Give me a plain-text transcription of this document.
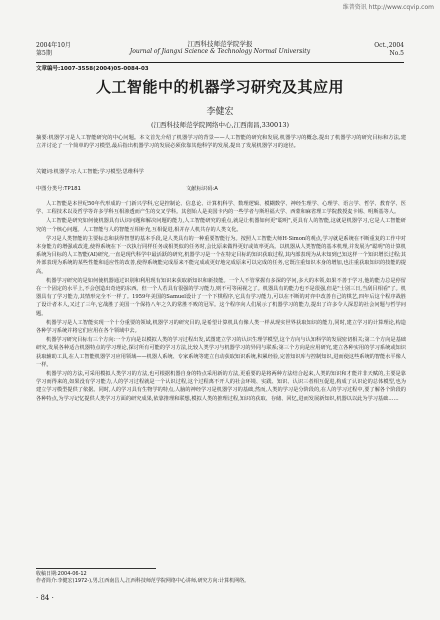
维普资讯 http://www.cqvip.com
2004年10月
第5期
江西科技师范学院学报
Journal of Jiangxi Science & Technology Normal University
Oct.,2004
No.5
文章编号:1007-3558(2004)05-0084-03
人工智能中的机器学习研究及其应用
李健宏
(江西科技师范学院网络中心,江西南昌,330013)
摘要:机器学习是人工智能研究的中心问题。本文首先介绍了机器学习的背景——人工智能的研究和发展,机器学习的概念,提出了机器学习的研究目标和方法,建立并讨论了一个简单的学习模型,最后指出机器学习的发展必须依靠其他科学的发展,提出了发展机器学习的途径。
关键词:机器学习;人工智能;学习模型;思维科学
中图分类号:TP181	文献标识码:A

人工智能是本世纪50年代形成的一门新兴学科,它是控制论、信息论、计算机科学、数理逻辑、模糊数学、神经生理学、心理学、语言学、哲学、教育学、医学、工程技术以及哲学等许多学科互相渗透而产生的交叉学科。其创始人是美国卡内的一些学者与斯坦福大学、西蒙和麻省理工学院教授麦卡锡、明斯基等人。

人工智能是研究如何使机器具有认识问题和解决问题的能力,人工智能研究的重点,就是让机器如何更"聪明",更具有人的智能,这就是机器学习,它是人工智能研究的一个核心问题。人工智能与人的智能互相补充,互相促进,相并存人机共存的人类文化。

学习是人类智能的主要标志和获得智慧的基本手段,是人类具有的一种重要智能行为。按照人工智能大师H·Simon的观点,学习就是系统在不断重复的工作中对本身能力的增强或改进,使得系统在下一次执行同样任务或相类似的任务时,会比原来做得更好或效率更高。以机器从人类智能的基本机理,并发展为"聪明"的计算机系统为目标的人工智能(AI)研究,一直是现代科学中最活跃的研究,机器学习是一个在特定目标的知识获取过程,其内部表现为从未知到已知这样一个知识增长过程;其外部表现为系统的某些性能和适应性的改善,使得系统能完成原来不能完成或更好地完成原来可以完成的任务,它既注重知识本身的增加,也注重获取知识的技能的提高。

机器学习研究的是如何使机器通过识别和利用现有知识来获取新知识和新技能。一个人不管掌握有多深的学问,多大的本领,如果不善于学习,他的能力总是停留在一个固定的水平上,不会创造出奇迹的东西。但一个人若具有很强的学习能力,则不可等闲视之了。机器具有的能力也不是很强,但是"士别三日,当刮目相看"了。机器具有了学习能力,其情形完全不一样了。1959年美国的Samuel设计了一个下棋程序,它具有学习能力,可以在不断的对弈中改善自己的棋艺,四年后这个程序战胜了设计者本人,又过了三年,它战胜了美国一个保持八年之久的常胜不败的冠军。这个程序向人们展示了机器学习的能力,提出了许多令人深思的社会问题与哲学问题。

机器学习是人工智能实现一个十分重要的领域,机器学习的研究目的,是希望计算机具有像人类一样从现实世界获取知识的能力,同时,建立学习的计算理论,构造各种学习系统并将它们应用在各个领域中去。

机器学习研究目标有三个方向:一个方向是以模拟人类的学习过程出发,试图建立学习的认识生理学模型,这个方向与认知科学的发展密切相关;第二个方向是基础研究,发展各种适合机器特点的学习理论,探讨所有可能的学习方法,比较人类学习与机器学习的异同与联系;第三个方向是应用研究,建立各种实用的学习系统或知识获取辅助工具,在人工智能机器学习应用领域——机器人系统、专家系统等建立自动获取知识系统,积累经验,完善知识库与控制知识,进而使这些系统的智能水平像人一样。

机器学习的方法,可采用模拟人类学习的方法,也可根据机器自身的特点采用新的方法,更重要的是将两种方法结合起来,人类的知识和才能并非天赋的,主要是靠学习而得来的,如果没有学习能力,人的学习过程就是一个认识过程,这个过程离不开人的社会环境、实践、知识、认识三者相互促进,构成了认识论的总体模型,也为建立学习模型提供了依据。同时,人的学习具有生物学的特点,人脑的神经学习是机器学习的基础,然而,人类的学习是分阶段的,在人的学习过程中,要了解各个阶段的各种特点,为学习记忆提供人类学习方面的研究成果,依靠推理和联想,模拟人类的推理过程,知识的获取、存储、回忆,进而发展新知识,机器以以此为学习基础……

收稿日期:2004-06-12
作者简介:李健宏(1972-),男,江西南昌人,江西科技师范学院网络中心讲师,研究方向:计算机网络。
· 84 ·
